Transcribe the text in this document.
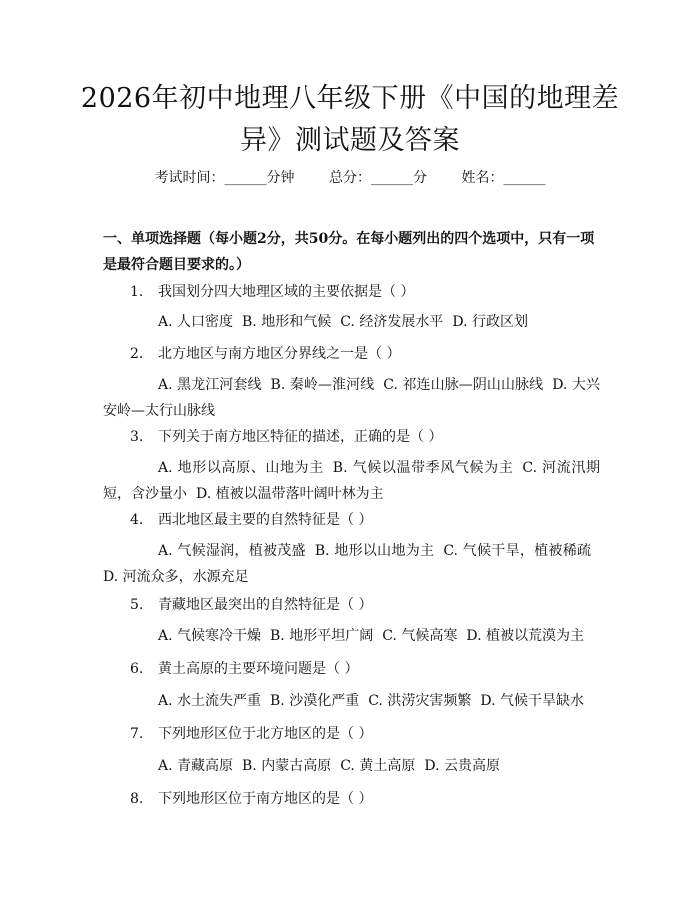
2026年初中地理八年级下册《中国的地理差异》测试题及答案
考试时间：______分钟 总分：______分 姓名：______
一、单项选择题（每小题2分，共50分。在每小题列出的四个选项中，只有一项是最符合题目要求的。）
1. 我国划分四大地理区域的主要依据是（ ）
A. 人口密度 B. 地形和气候 C. 经济发展水平 D. 行政区划
2. 北方地区与南方地区分界线之一是（ ）
A. 黑龙江河套线 B. 秦岭—淮河线 C. 祁连山脉—阴山山脉线 D. 大兴安岭—太行山脉线
3. 下列关于南方地区特征的描述，正确的是（ ）
A. 地形以高原、山地为主 B. 气候以温带季风气候为主 C. 河流汛期短，含沙量小 D. 植被以温带落叶阔叶林为主
4. 西北地区最主要的自然特征是（ ）
A. 气候湿润，植被茂盛 B. 地形以山地为主 C. 气候干旱，植被稀疏D. 河流众多，水源充足
5. 青藏地区最突出的自然特征是（ ）
A. 气候寒冷干燥 B. 地形平坦广阔 C. 气候高寒 D. 植被以荒漠为主
6. 黄土高原的主要环境问题是（ ）
A. 水土流失严重 B. 沙漠化严重 C. 洪涝灾害频繁 D. 气候干旱缺水
7. 下列地形区位于北方地区的是（ ）
A. 青藏高原 B. 内蒙古高原 C. 黄土高原 D. 云贵高原
8. 下列地形区位于南方地区的是（ ）
